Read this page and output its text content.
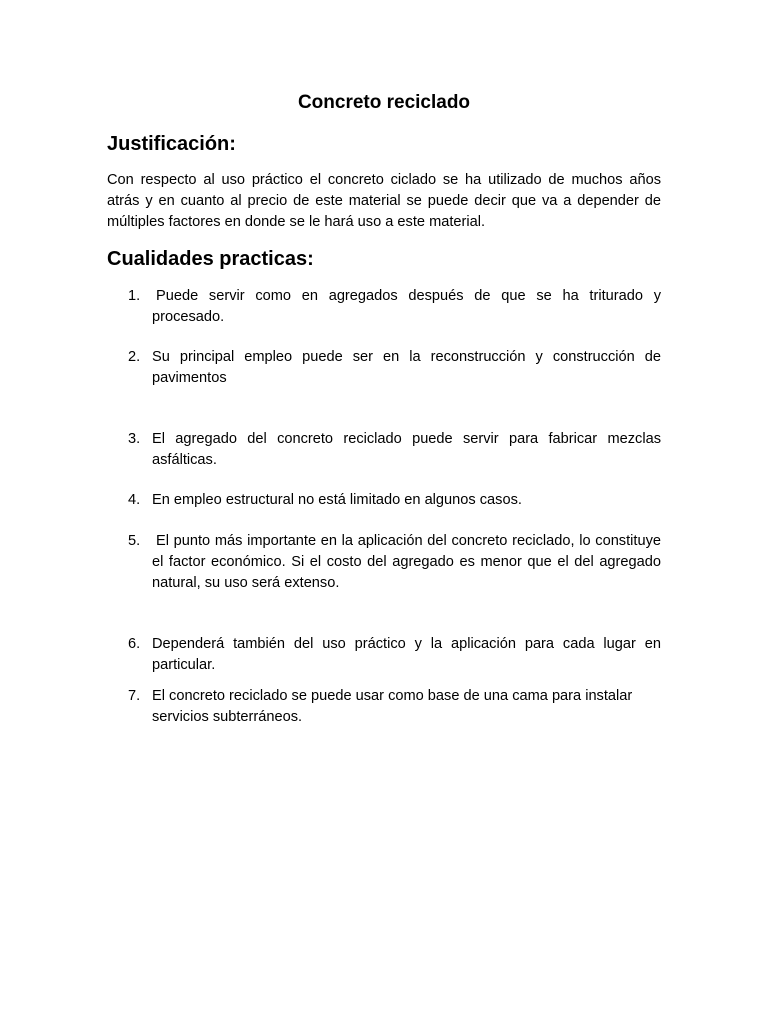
Concreto reciclado
Justificación:

Con respecto al uso práctico el concreto ciclado se ha utilizado de muchos años atrás y en cuanto al precio de este material se puede decir que va a depender de múltiples factores en donde se le hará uso a este material.

Cualidades practicas:
1.	Puede servir como en agregados después de que se ha triturado y procesado.
2. Su principal empleo puede ser en la reconstrucción y construcción de pavimentos
3. El agregado del concreto reciclado puede servir para fabricar mezclas asfálticas.
4. En empleo estructural no está limitado en algunos casos.
5.	El punto más importante en la aplicación del concreto reciclado, lo constituye el factor económico. Si el costo del agregado es menor que el del agregado natural, su uso será extenso.
6. Dependerá también del uso práctico y la aplicación para cada lugar en particular.
7. El concreto reciclado se puede usar como base de una cama para instalar servicios subterráneos.
